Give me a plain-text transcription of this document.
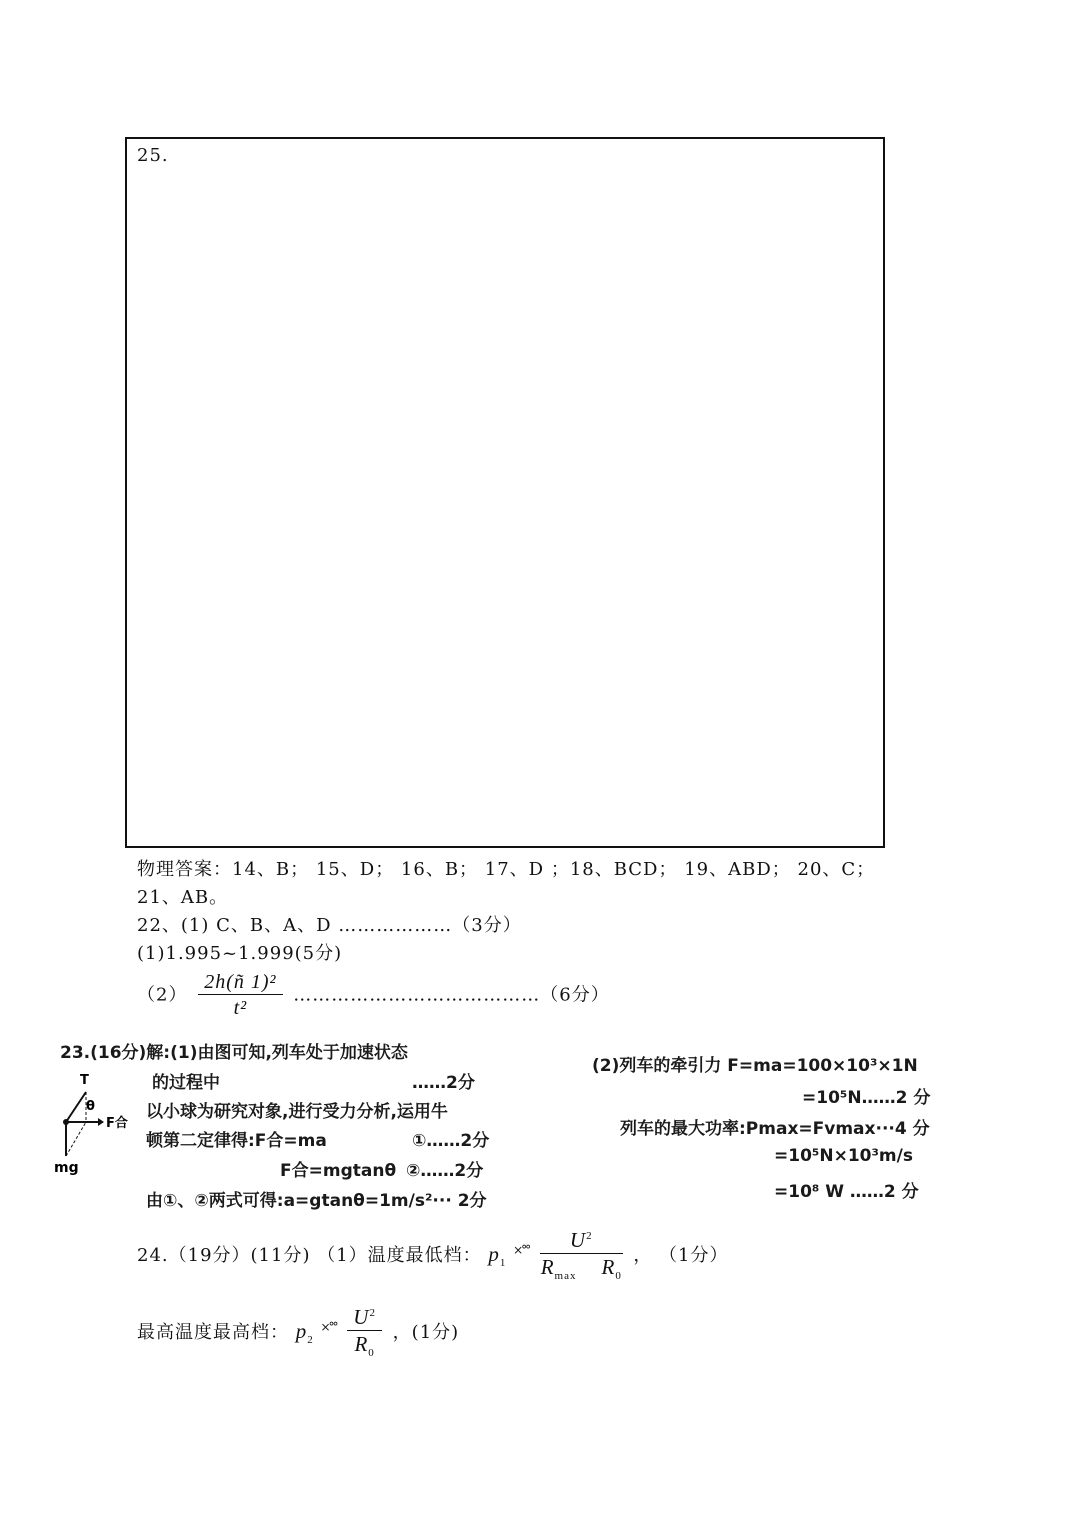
25.
物理答案：14、B； 15、D； 16、B； 17、D ；18、BCD； 19、ABD； 20、C；
21、AB。
22、(1) C、B、A、D ………………（3分）
(1)1.995~1.999(5分)
$(2) \frac{\text{2h(ñ 1)²}}{\text{t²}}$ …………………………………（6分）
23.(16分)解:(1)由图可知,列车处于加速状态
的过程中	……2分
以小球为研究对象,进行受力分析,运用牛
顿第二定律得:F合=ma	①……2分
F合=mgtanθ ②……2分
由①、②两式可得:a=gtanθ=1m/s²··· 2分
T
θ
F合
mg
(2)列车的牵引力 F=ma=100×10³×1N
=10⁵N……2 分
列车的最大功率:Pmax=Fvmax···4 分
=10⁵N×10³m/s
=10⁸ W ……2 分
24.（19分）(11分) （1）温度最低档： $p_1$ $^{\times^\circ^\circ} \frac{U^2}{R_{max} R_0}$ ， （1分）
最高温度最高档： $p_2$ $^{\times^\circ^\circ} \frac{U^2}{R_0}$ ，(1分)
